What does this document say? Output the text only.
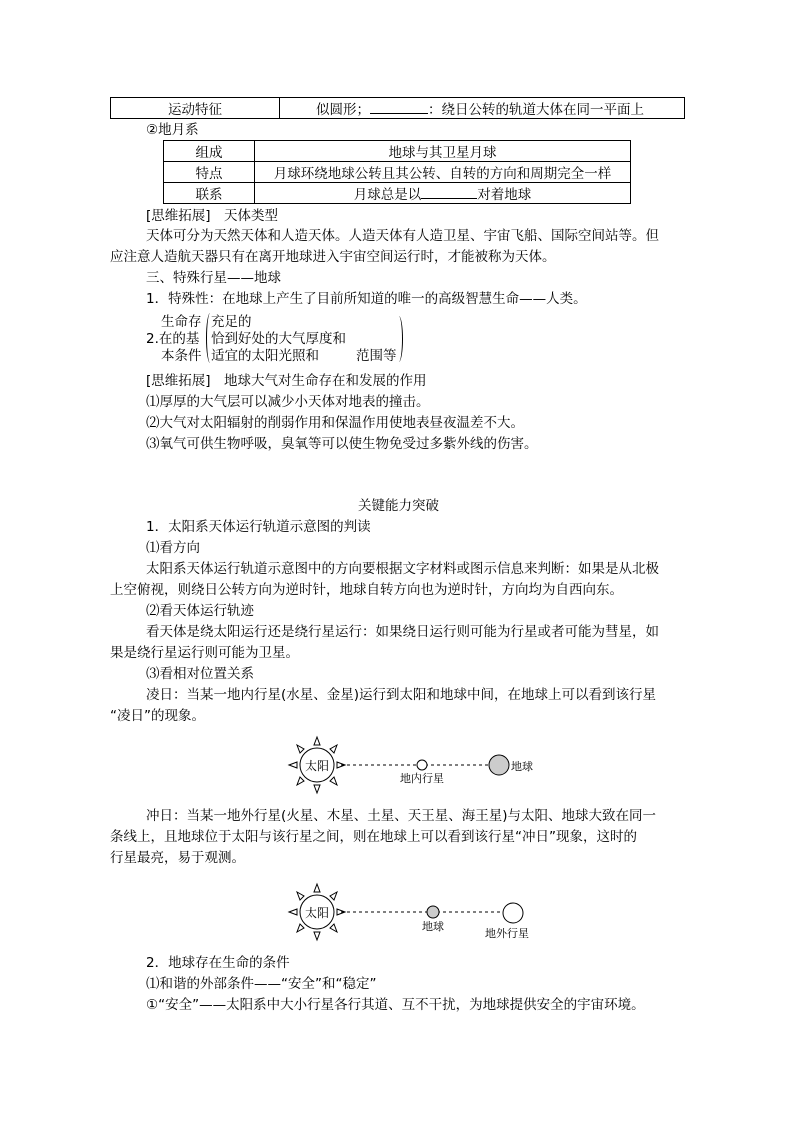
运动特征	似圆形；	：绕日公转的轨道大体在同一平面上
②地月系
组成	地球与其卫星月球
特点	月球环绕地球公转且其公转、自转的方向和周期完全一样
联系	月球总是以 对着地球
[思维拓展]　天体类型
天体可分为天然天体和人造天体。人造天体有人造卫星、宇宙飞船、国际空间站等。但
应注意人造航天器只有在离开地球进入宇宙空间运行时，才能被称为天体。
三、特殊行星——地球
1．特殊性：在地球上产生了目前所知道的唯一的高级智慧生命——人类。
生命存
2.在的基
本条件
充足的
恰到好处的大气厚度和
适宜的太阳光照和	范围等
[思维拓展]　地球大气对生命存在和发展的作用
⑴厚厚的大气层可以减少小天体对地表的撞击。
⑵大气对太阳辐射的削弱作用和保温作用使地表昼夜温差不大。
⑶氧气可供生物呼吸，臭氧等可以使生物免受过多紫外线的伤害。
关键能力突破
1．太阳系天体运行轨道示意图的判读
⑴看方向
太阳系天体运行轨道示意图中的方向要根据文字材料或图示信息来判断：如果是从北极
上空俯视，则绕日公转方向为逆时针，地球自转方向也为逆时针，方向均为自西向东。
⑵看天体运行轨迹
看天体是绕太阳运行还是绕行星运行：如果绕日运行则可能为行星或者可能为彗星，如
果是绕行星运行则可能为卫星。
⑶看相对位置关系
凌日：当某一地内行星(水星、金星)运行到太阳和地球中间，在地球上可以看到该行星
“凌日”的现象。
太阳
地内行星
地球
冲日：当某一地外行星(火星、木星、土星、天王星、海王星)与太阳、地球大致在同一
条线上，且地球位于太阳与该行星之间，则在地球上可以看到该行星“冲日”现象，这时的
行星最亮，易于观测。
太阳
地球
地外行星
2．地球存在生命的条件
⑴和谐的外部条件——“安全”和“稳定”
①“安全”——太阳系中大小行星各行其道、互不干扰，为地球提供安全的宇宙环境。
